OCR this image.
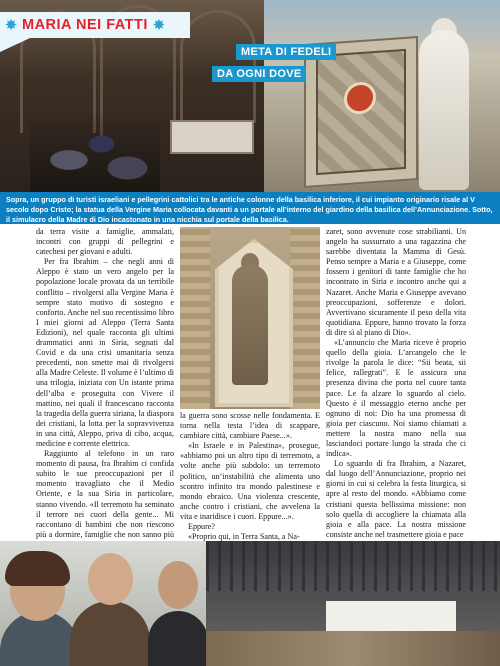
✸ MARIA NEI FATTI ✸
META DI FEDELI
DA OGNI DOVE
Sopra, un gruppo di turisti israeliani e pellegrini cattolici tra le antiche colonne della basilica inferiore, il cui impianto originario risale al V secolo dopo Cristo; la statua della Vergine Maria collocata davanti a un portale all’interno del giardino della basilica dell’Annunciazione. Sotto, il simulacro della Madre di Dio incastonato in una nicchia sul portale della basilica.

da terra visite a famiglie, ammalati, incontri con gruppi di pellegrini e catechesi per giovani e adulti.

Per fra Ibrahim – che negli anni di Aleppo è stato un vero angelo per la popolazione locale provata da un terribile conflitto – rivolgersi alla Vergine Maria è sempre stato motivo di sostegno e conforto. Anche nel suo recentissimo libro I miei giorni ad Aleppo (Terra Santa Edizioni), nel quale racconta gli ultimi drammatici anni in Siria, segnati dal Covid e da una crisi umanitaria senza precedenti, non smette mai di rivolgersi alla Madre Celeste. Il volume è l’ultimo di una trilogia, iniziata con Un istante prima dell’alba e proseguita con Vivere il mattino, nei quali il francescano racconta la tragedia della guerra siriana, la diaspora dei cristiani, la lotta per la sopravvivenza in una città, Aleppo, priva di cibo, acqua, medicine e corrente elettrica.

Raggiunto al telefono in un raro momento di pausa, fra Ibrahim ci confida subito le sue preoccupazioni per il momento travagliato che il Medio Oriente, e la sua Siria in particolare, stanno vivendo. «Il terremoto ha seminato il terrore nei cuori della gente... Mi raccontano di bambini che non riescono più a dormire, famiglie che non sanno più

la guerra sono scosse nelle fondamenta. E torna nella testa l’idea di scappare, cambiare città, cambiare Paese...».

«In Israele e in Palestina», prosegue, «abbiamo poi un altro tipo di terremoto, a volte anche più subdolo: un terremoto politico, un’instabilità che alimenta uno scontro infinito tra mondo palestinese e mondo ebraico. Una violenza crescente, anche contro i cristiani, che avvelena la vita e inaridisce i cuori. Eppure...».

Eppure?

«Proprio qui, in Terra Santa, a Na-

zaret, sono avvenute cose strabilianti. Un angelo ha sussurrato a una ragazzina che sarebbe diventata la Mamma di Gesù. Penso sempre a Maria e a Giuseppe, come fossero i genitori di tante famiglie che ho incontrato in Siria e incontro anche qui a Nazaret. Anche Maria e Giuseppe avevano preoccupazioni, sofferenze e dolori. Avvertivano sicuramente il peso della vita quotidiana. Eppure, hanno trovato la forza di dire sì al piano di Dio».

«L’annuncio che Maria riceve è proprio quello della gioia. L’arcangelo che le rivolge la parola le dice: “Sii beata, sii felice, rallegrati”. E le assicura una presenza divina che porta nel cuore tanta pace. Le fa alzare lo sguardo al cielo. Questo è il messaggio eterno anche per ognuno di noi: Dio ha una promessa di gioia per ciascuno. Noi siamo chiamati a mettere la nostra mano nella sua lasciandoci portare lungo la strada che ci indica».

Lo sguardo di fra Ibrahim, a Nazaret, dal luogo dell’Annunciazione, proprio nei giorni in cui si celebra la festa liturgica, si apre al resto del mondo. «Abbiamo come cristiani questa bellissima missione: non solo quella di accogliere la chiamata alla gioia e alla pace. La nostra missione consiste anche nel trasmettere gioia e pace
